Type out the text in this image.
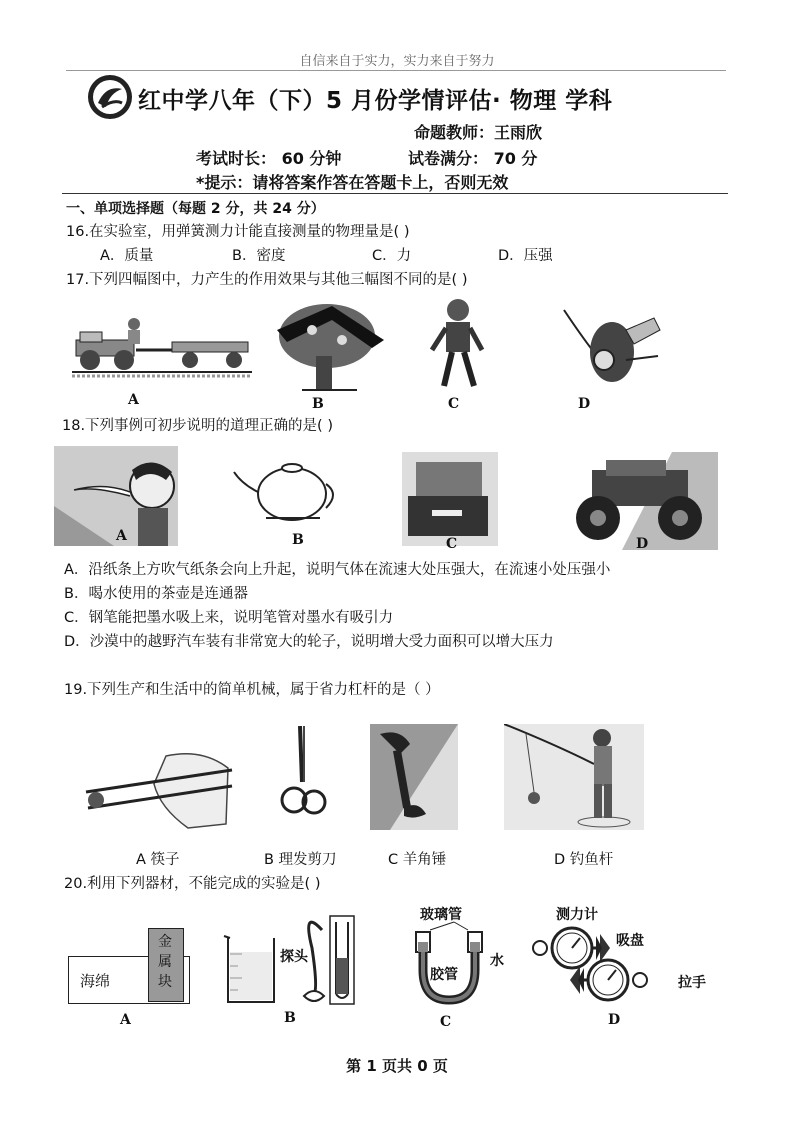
自信来自于实力，实力来自于努力
红中学八年（下）5 月份学情评估· 物理 学科
命题教师：王雨欣
考试时长： 60 分钟	试卷满分： 70 分
*提示：请将答案作答在答题卡上，否则无效
一、单项选择题（每题 2 分，共 24 分）
16.在实验室，用弹簧测力计能直接测量的物理量是( )
A．质量	B．密度	C．力	D．压强
17.下列四幅图中，力产生的作用效果与其他三幅图不同的是( )
A	B	C	D
18.下列事例可初步说明的道理正确的是( )
A	B	C	D
A．沿纸条上方吹气纸条会向上升起，说明气体在流速大处压强大，在流速小处压强小
B．喝水使用的茶壶是连通器
C．钢笔能把墨水吸上来，说明笔管对墨水有吸引力
D．沙漠中的越野汽车装有非常宽大的轮子，说明增大受力面积可以增大压力
19.下列生产和生活中的简单机械，属于省力杠杆的是（ ）
A 筷子	B 理发剪刀	C 羊角锤	D 钓鱼杆
20.利用下列器材，不能完成的实验是( )
海绵
金
属
块
A
探头
B
玻璃管
胶管
水
C
测力计
吸盘
拉手
D
第 1 页共 0 页
